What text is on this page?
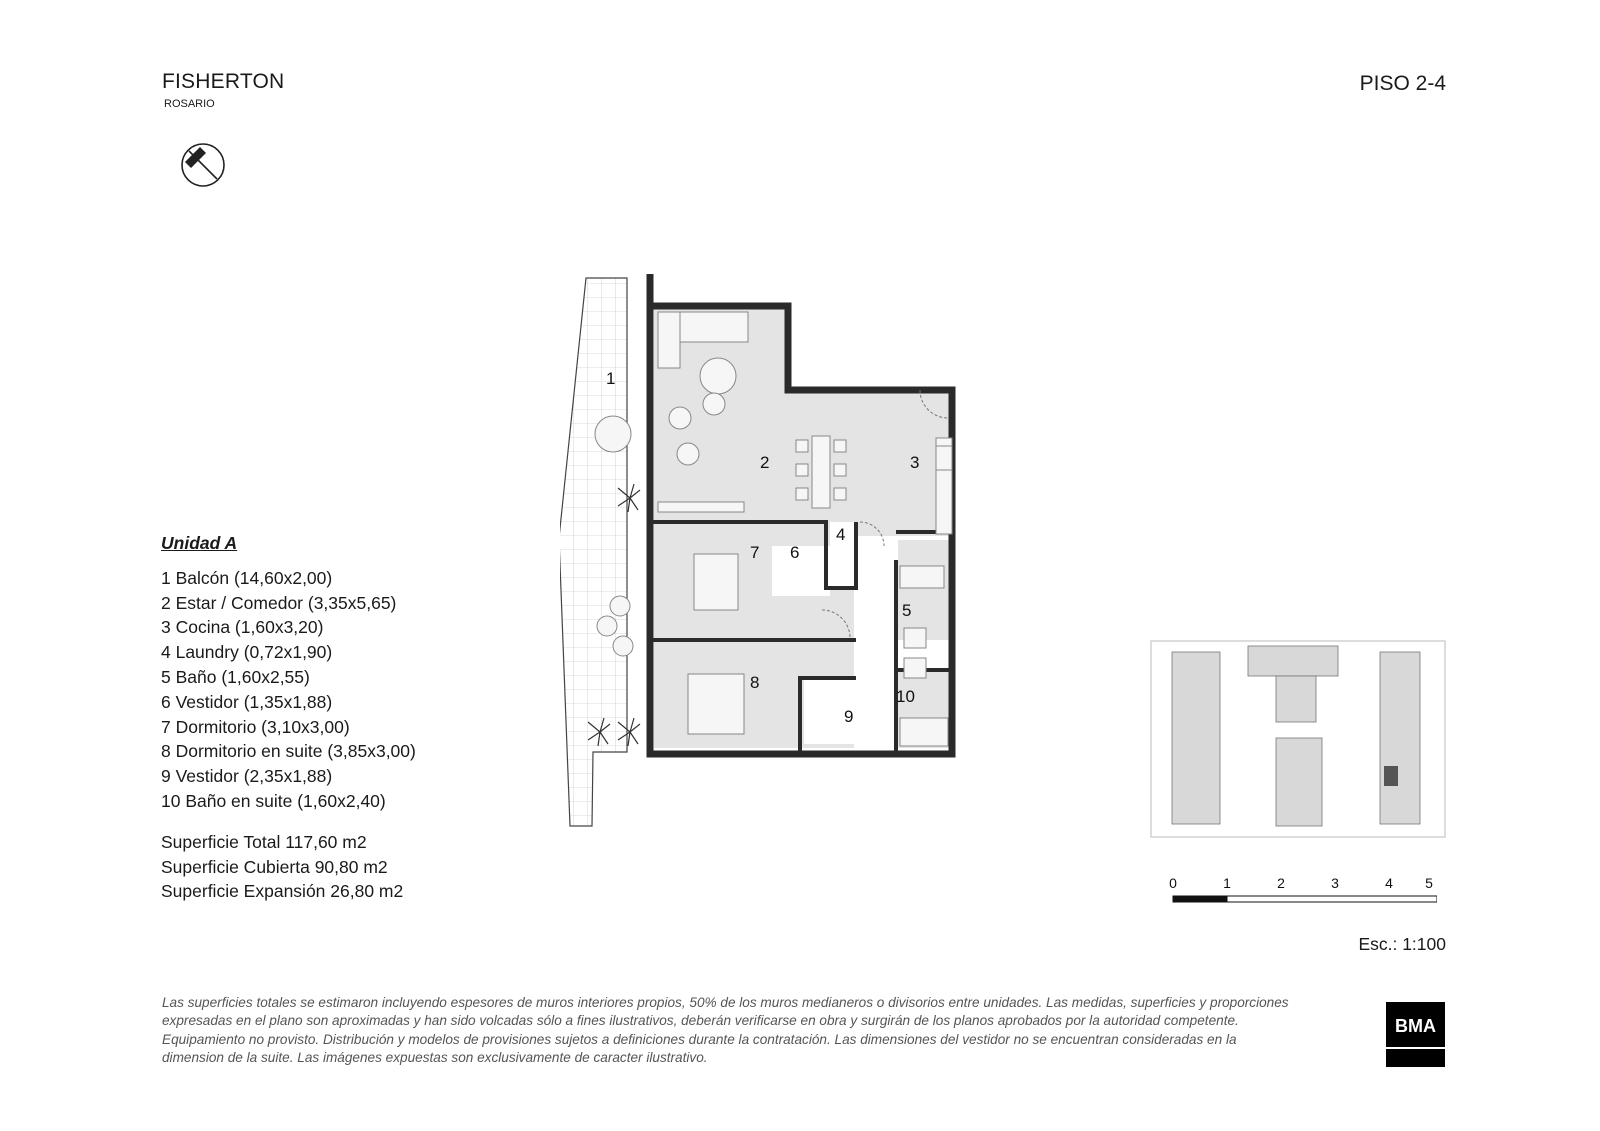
FISHERTON
ROSARIO
PISO 2-4
Unidad A
1 Balcón (14,60x2,00)
2 Estar / Comedor (3,35x5,65)
3 Cocina (1,60x3,20)
4 Laundry (0,72x1,90)
5 Baño (1,60x2,55)
6 Vestidor (1,35x1,88)
7 Dormitorio (3,10x3,00)
8 Dormitorio en suite (3,85x3,00)
9 Vestidor (2,35x1,88)
10 Baño en suite (1,60x2,40)
Superficie Total 117,60 m2
Superficie Cubierta 90,80 m2
Superficie Expansión 26,80 m2
1
2	3
4
5
6
7
8
9
10
0	1	2	3	4 5
Esc.: 1:100
Las superficies totales se estimaron incluyendo espesores de muros interiores propios, 50% de los muros medianeros o divisorios entre unidades. Las medidas, superficies y proporciones expresadas en el plano son aproximadas y han sido volcadas sólo a fines ilustrativos, deberán verificarse en obra y surgirán de los planos aprobados por la autoridad competente. Equipamiento no provisto. Distribución y modelos de provisiones sujetos a definiciones durante la contratación. Las dimensiones del vestidor no se encuentran consideradas en la dimension de la suite. Las imágenes expuestas son exclusivamente de caracter ilustrativo.
BMA
